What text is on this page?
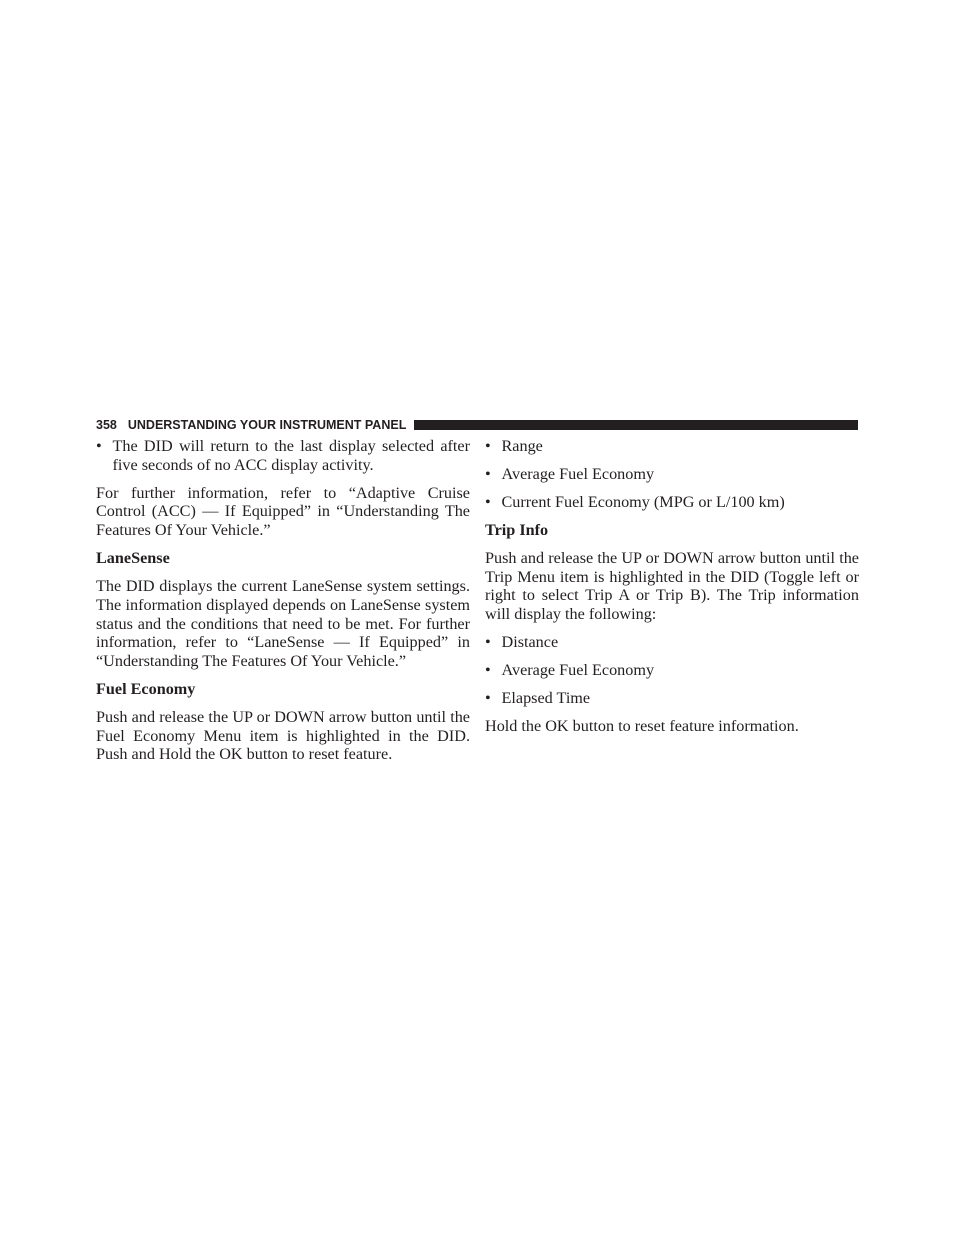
358 UNDERSTANDING YOUR INSTRUMENT PANEL
• The DID will return to the last display selected after five seconds of no ACC display activity.

For further information, refer to “Adaptive Cruise Control (ACC) — If Equipped” in “Understanding The Features Of Your Vehicle.”

LaneSense

The DID displays the current LaneSense system settings. The information displayed depends on LaneSense system status and the conditions that need to be met. For further information, refer to “LaneSense — If Equipped” in “Understanding The Features Of Your Vehicle.”

Fuel Economy

Push and release the UP or DOWN arrow button until the Fuel Economy Menu item is highlighted in the DID. Push and Hold the OK button to reset feature.

• Range
• Average Fuel Economy
• Current Fuel Economy (MPG or L/100 km)
Trip Info

Push and release the UP or DOWN arrow button until the Trip Menu item is highlighted in the DID (Toggle left or right to select Trip A or Trip B). The Trip information will display the following:

• Distance
• Average Fuel Economy
• Elapsed Time

Hold the OK button to reset feature information.
